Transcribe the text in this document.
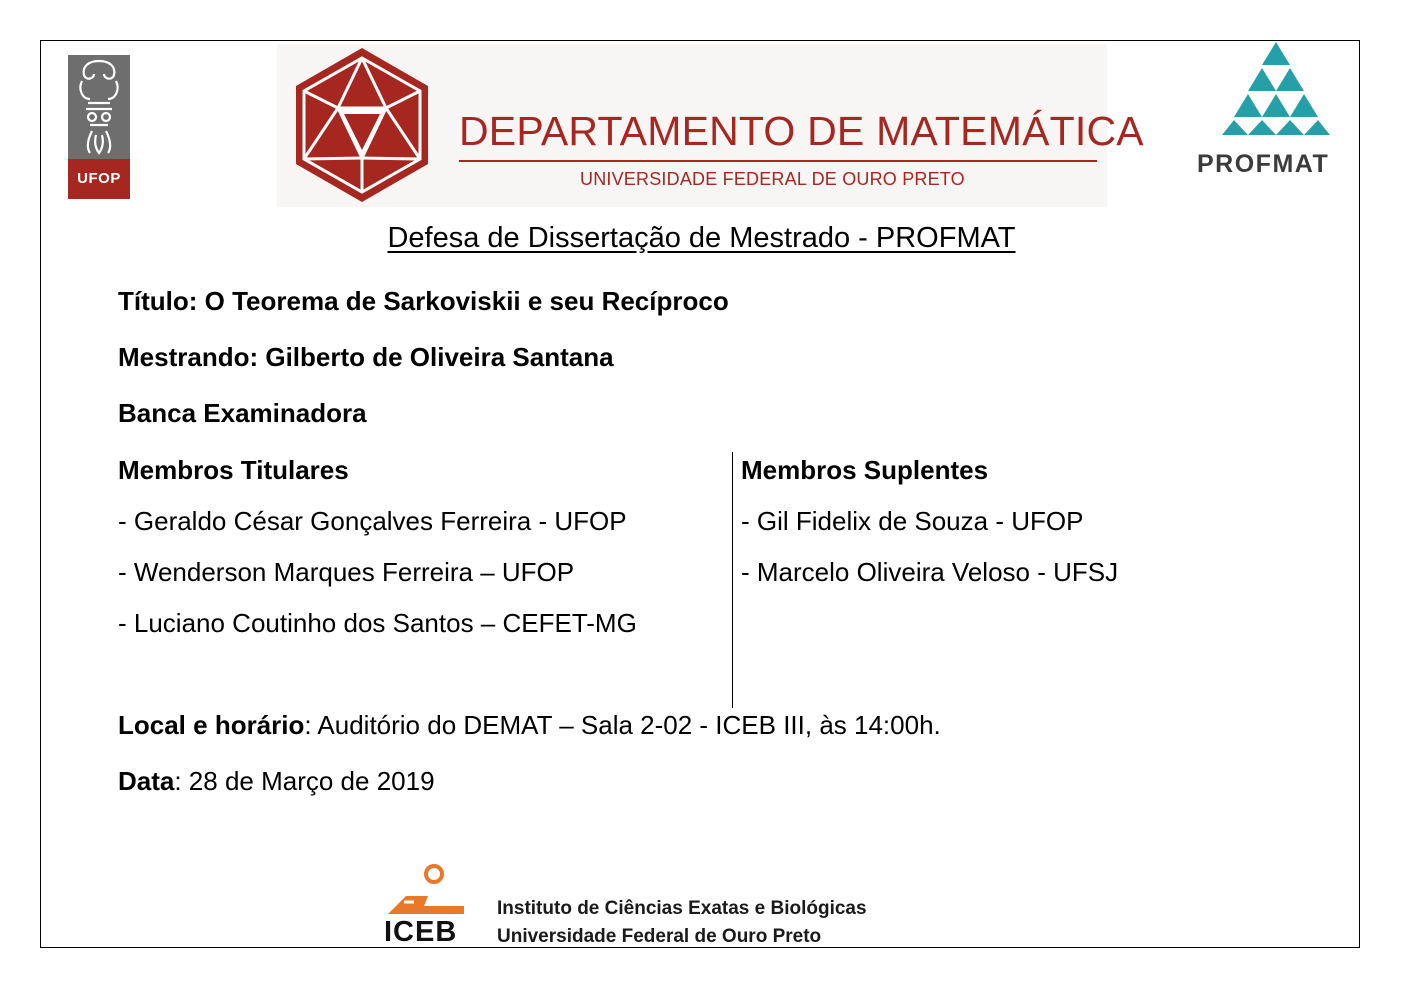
UFOP
DEPARTAMENTO DE MATEMÁTICA
UNIVERSIDADE FEDERAL DE OURO PRETO
PROFMAT
Defesa de Dissertação de Mestrado - PROFMAT
Título: O Teorema de Sarkoviskii e seu Recíproco
Mestrando: Gilberto de Oliveira Santana
Banca Examinadora
Membros Titulares
- Geraldo César Gonçalves Ferreira - UFOP
- Wenderson Marques Ferreira – UFOP
- Luciano Coutinho dos Santos – CEFET-MG
Membros Suplentes
- Gil Fidelix de Souza - UFOP
- Marcelo Oliveira Veloso - UFSJ
Local e horário: Auditório do DEMAT – Sala 2-02 - ICEB III, às 14:00h.
Data: 28 de Março de 2019
ICEB
Instituto de Ciências Exatas e Biológicas
Universidade Federal de Ouro Preto
